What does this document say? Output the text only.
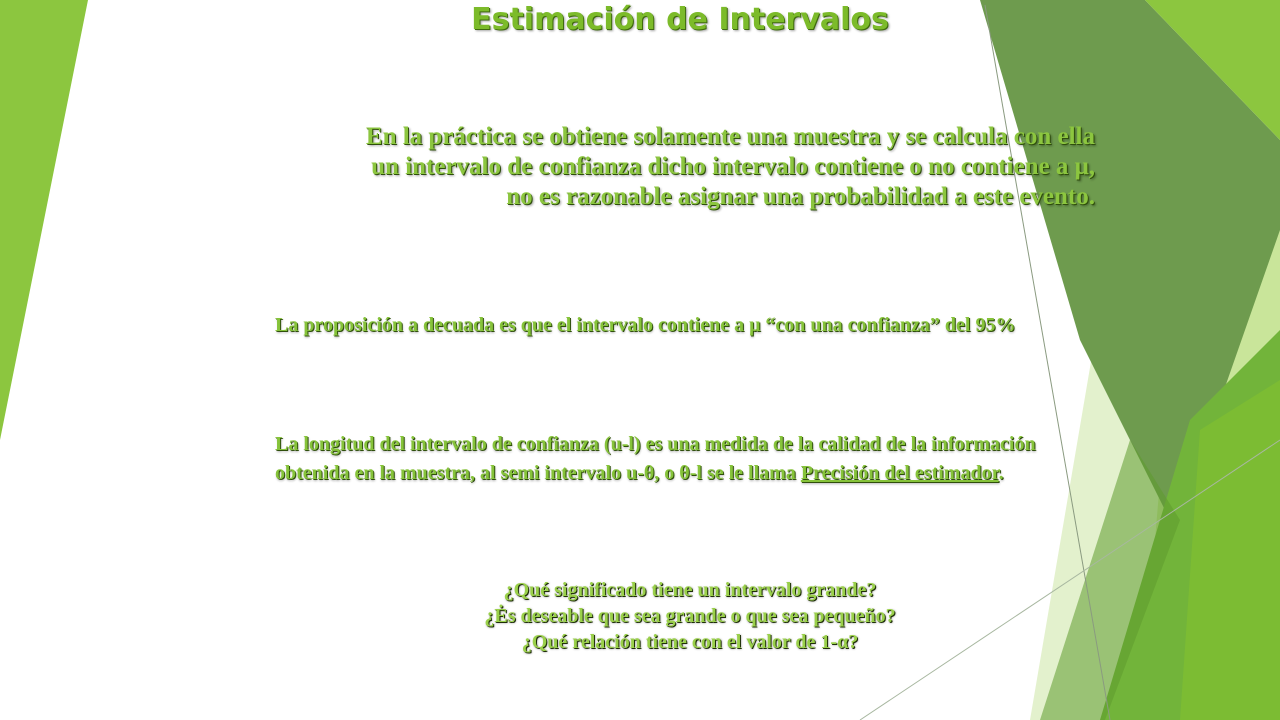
Estimación de Intervalos
En la práctica se obtiene solamente una muestra y se calcula con ella
un intervalo de confianza dicho intervalo contiene o no contiene a μ,
no es razonable asignar una probabilidad a este evento.
La proposición a decuada es que el intervalo contiene a μ “con una confianza” del 95%
La longitud del intervalo de confianza (u-l) es una medida de la calidad de la información obtenida en la muestra, al semi intervalo u-θ, o θ-l se le llama Precisión del estimador.
¿Qué significado tiene un intervalo grande?
¿Ės deseable que sea grande o que sea pequeño?
¿Qué relación tiene con el valor de 1-α?
